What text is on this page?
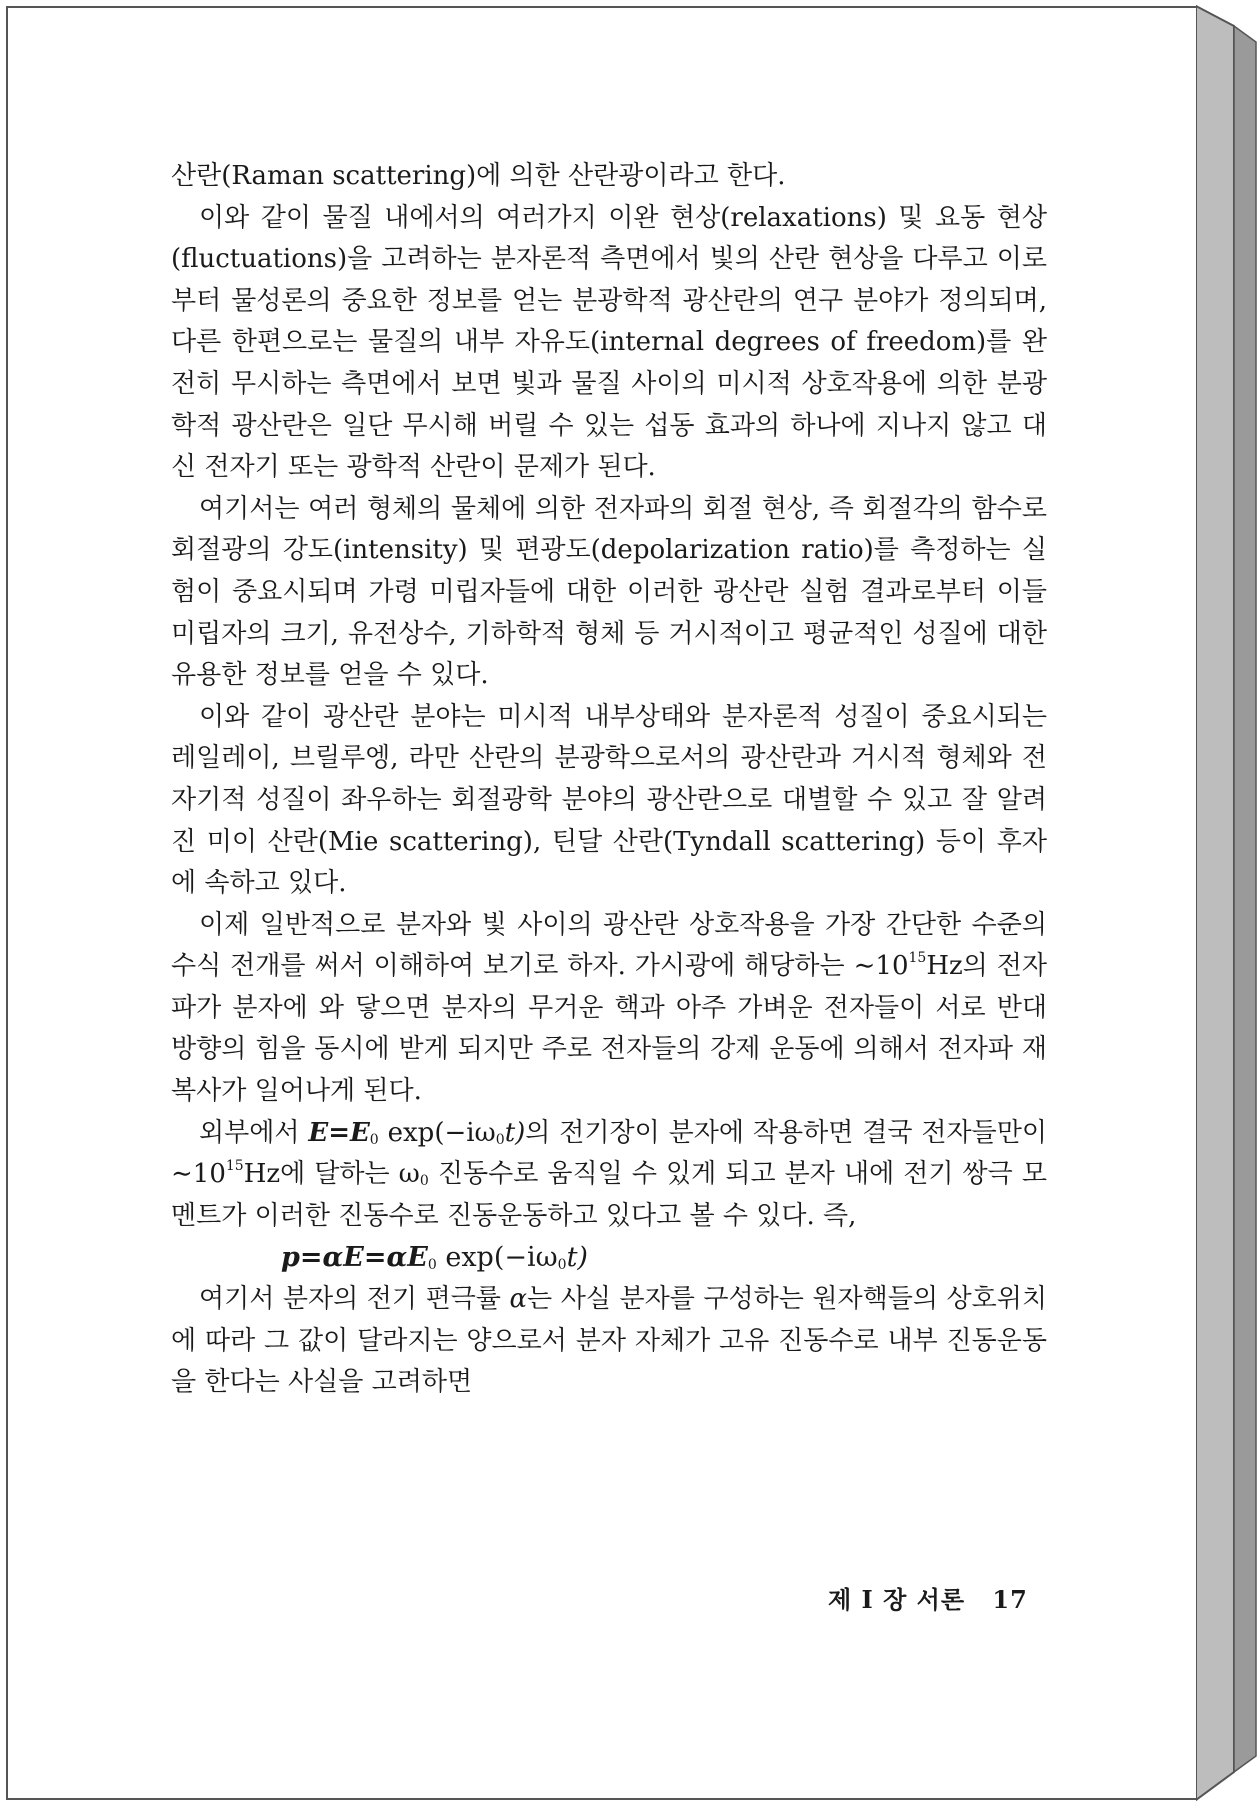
산란(Raman scattering)에 의한 산란광이라고 한다.

이와 같이 물질 내에서의 여러가지 이완 현상(relaxations) 및 요동 현상(fluctuations)을 고려하는 분자론적 측면에서 빛의 산란 현상을 다루고 이로부터 물성론의 중요한 정보를 얻는 분광학적 광산란의 연구 분야가 정의되며, 다른 한편으로는 물질의 내부 자유도(internal degrees of freedom)를 완전히 무시하는 측면에서 보면 빛과 물질 사이의 미시적 상호작용에 의한 분광학적 광산란은 일단 무시해 버릴 수 있는 섭동 효과의 하나에 지나지 않고 대신 전자기 또는 광학적 산란이 문제가 된다.

여기서는 여러 형체의 물체에 의한 전자파의 회절 현상, 즉 회절각의 함수로 회절광의 강도(intensity) 및 편광도(depolarization ratio)를 측정하는 실험이 중요시되며 가령 미립자들에 대한 이러한 광산란 실험 결과로부터 이들 미립자의 크기, 유전상수, 기하학적 형체 등 거시적이고 평균적인 성질에 대한 유용한 정보를 얻을 수 있다.

이와 같이 광산란 분야는 미시적 내부상태와 분자론적 성질이 중요시되는 레일레이, 브릴루엥, 라만 산란의 분광학으로서의 광산란과 거시적 형체와 전자기적 성질이 좌우하는 회절광학 분야의 광산란으로 대별할 수 있고 잘 알려진 미이 산란(Mie scattering), 틴달 산란(Tyndall scattering) 등이 후자에 속하고 있다.

이제 일반적으로 분자와 빛 사이의 광산란 상호작용을 가장 간단한 수준의 수식 전개를 써서 이해하여 보기로 하자. 가시광에 해당하는 $\sim 10^{15}Hz$의 전자파가 분자에 와 닿으면 분자의 무거운 핵과 아주 가벼운 전자들이 서로 반대 방향의 힘을 동시에 받게 되지만 주로 전자들의 강제 운동에 의해서 전자파 재복사가 일어나게 된다.

외부에서 $E=E_0$ $\exp(-i\omega_0t)$의 전기장이 분자에 작용하면 결국 전자들만이 $\sim 10^{15}Hz$에 달하는 $\omega_0$ 진동수로 움직일 수 있게 되고 분자 내에 전기 쌍극 모멘트가 이러한 진동수로 진동운동하고 있다고 볼 수 있다. 즉,

$p=\alpha E=\alpha E_0$ $\exp(-i\omega_0t)$

여기서 분자의 전기 편극률 α는 사실 분자를 구성하는 원자핵들의 상호위치에 따라 그 값이 달라지는 양으로서 분자 자체가 고유 진동수로 내부 진동운동을 한다는 사실을 고려하면

제 I 장 서론 17
